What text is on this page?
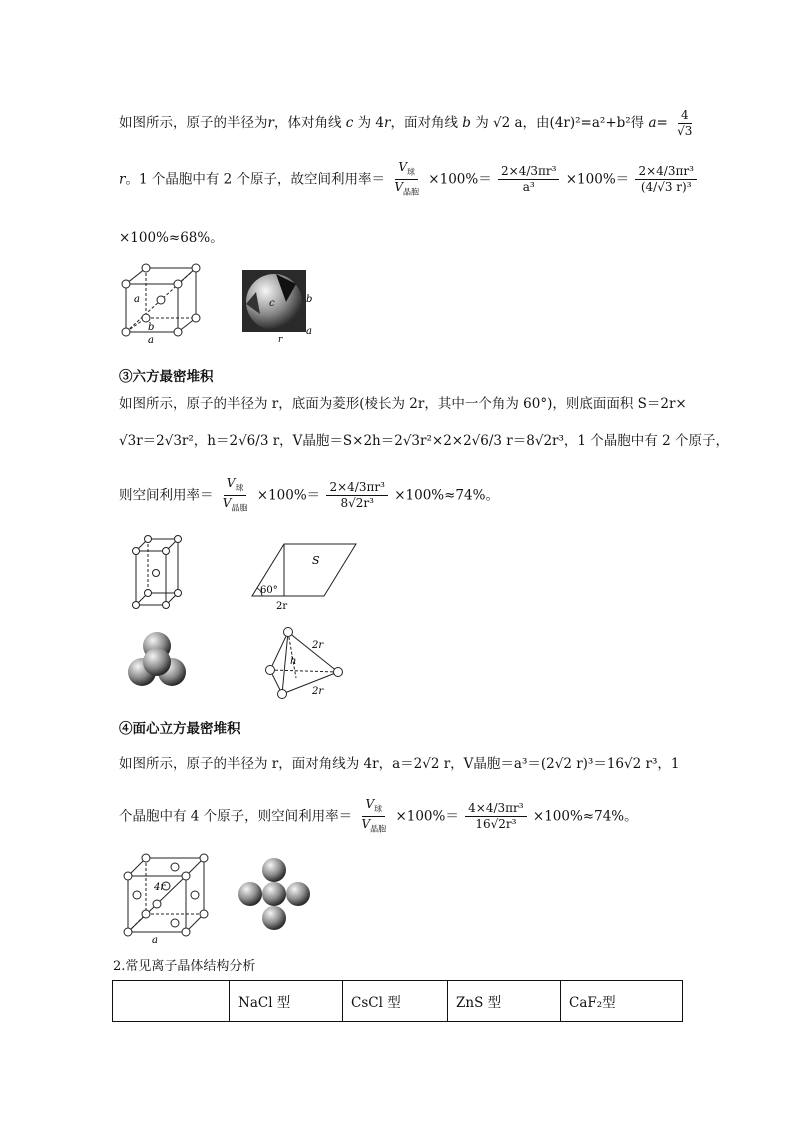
如图所示，原子的半径为r，体对角线 c 为 4r，面对角线 b 为 √2 a，由(4r)²=a²+b²得 $a= \frac{4}{√3}$
r。1 个晶胞中有 2 个原子，故空间利用率＝ $\frac{V_球}{V_{晶胞}} \times 100\%= \frac{\text{2×4/3πr³}}{\text{a³}} \times 100\%= \frac{\text{2×4/3πr³}}{\text{(4/√3 r)³}}$
×100%≈68%。
a
b
a
c	b
a
r
③六方最密堆积
如图所示，原子的半径为 r，底面为菱形(棱长为 2r，其中一个角为 60°)，则底面面积 S＝2r×
√3r＝2√3r²，h＝2√6/3 r，V晶胞＝S×2h＝2√3r²×2×2√6/3 r＝8√2r³，1 个晶胞中有 2 个原子，
则空间利用率＝ $\frac{V_球}{V_{晶胞}} \times 100\%= \frac{\text{2×4/3πr³}}{\text{8√2r³}} \times 100\%\approx 74\%$。
S
60°
2r
2r
h
2r
④面心立方最密堆积
如图所示，原子的半径为 r，面对角线为 4r，a＝2√2 r，V晶胞＝a³＝(2√2 r)³＝16√2 r³，1
个晶胞中有 4 个原子，则空间利用率＝ $\frac{V_球}{V_{晶胞}} \times 100\%= \frac{\text{4×4/3πr³}}{\text{16√2r³}} \times 100\%\approx 74\%$。
4r
a
2.常见离子晶体结构分析
	NaCl 型	CsCl 型	ZnS 型	CaF₂型
